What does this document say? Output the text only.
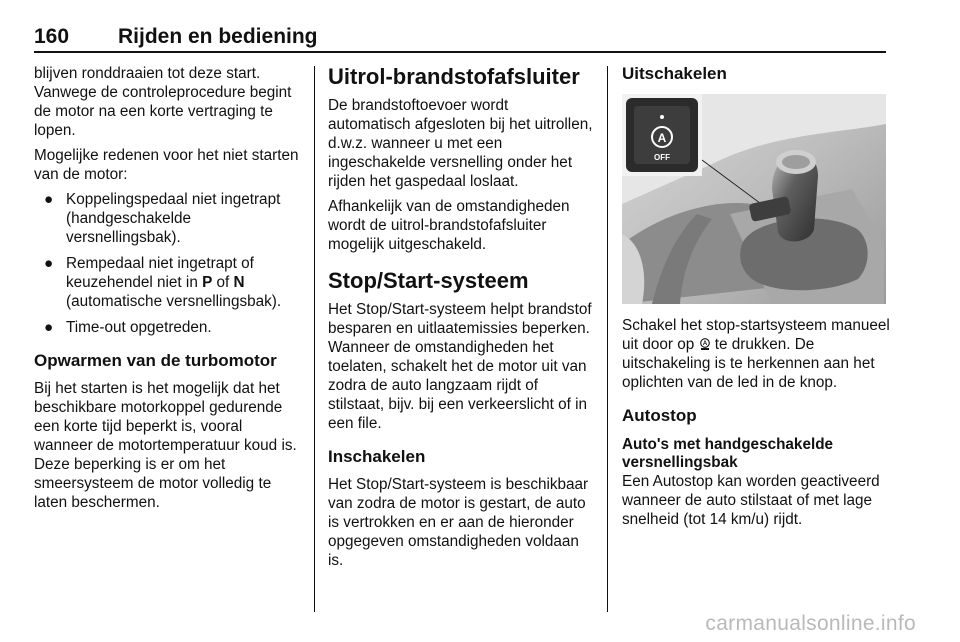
160 Rijden en bediening

blijven ronddraaien tot deze start. Vanwege de controleprocedure begint de motor na een korte vertraging te lopen.

Mogelijke redenen voor het niet starten van de motor:

● Koppelingspedaal niet ingetrapt (handgeschakelde versnellingsbak).
● Rempedaal niet ingetrapt of keuzehendel niet in P of N (automatische versnellingsbak).
● Time-out opgetreden.
Opwarmen van de turbomotor

Bij het starten is het mogelijk dat het beschikbare motorkoppel gedurende een korte tijd beperkt is, vooral wanneer de motortemperatuur koud is. Deze beperking is er om het smeersysteem de motor volledig te laten beschermen.

Uitrol-brandstofafsluiter

De brandstoftoevoer wordt automatisch afgesloten bij het uitrollen, d.w.z. wanneer u met een ingeschakelde versnelling onder het rijden het gaspedaal loslaat.

Afhankelijk van de omstandigheden wordt de uitrol-brandstofafsluiter mogelijk uitgeschakeld.

Stop/Start-systeem

Het Stop/Start-systeem helpt brandstof besparen en uitlaatemissies beperken. Wanneer de omstandigheden het toelaten, schakelt het de motor uit van zodra de auto langzaam rijdt of stilstaat, bijv. bij een verkeerslicht of in een file.

Inschakelen

Het Stop/Start-systeem is beschikbaar van zodra de motor is gestart, de auto is vertrokken en er aan de hieronder opgegeven omstandigheden voldaan is.

Uitschakelen
A
OFF

Schakel het stop-startsysteem manueel uit door op A te drukken. De uitschakeling is te herkennen aan het oplichten van de led in de knop.

Autostop
Auto's met handgeschakelde versnellingsbak

Een Autostop kan worden geactiveerd wanneer de auto stilstaat of met lage snelheid (tot 14 km/u) rijdt.

carmanualsonline.info
